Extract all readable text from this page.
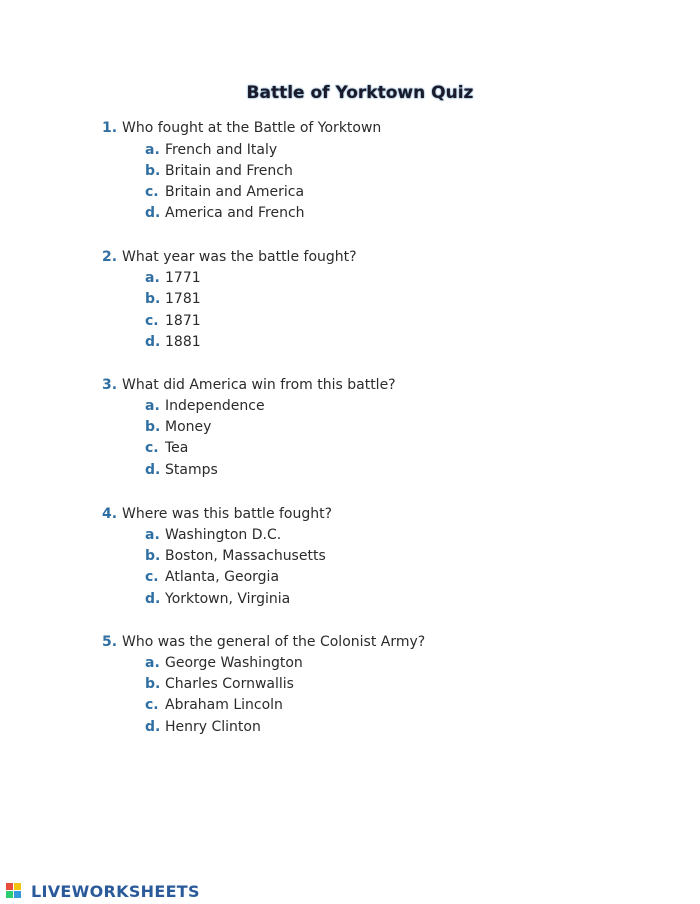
Battle of Yorktown Quiz
1. Who fought at the Battle of Yorktown
a. French and Italy
b. Britain and French
c. Britain and America
d. America and French
2. What year was the battle fought?
a. 1771
b. 1781
c. 1871
d. 1881
3. What did America win from this battle?
a. Independence
b. Money
c. Tea
d. Stamps
4. Where was this battle fought?
a. Washington D.C.
b. Boston, Massachusetts
c. Atlanta, Georgia
d. Yorktown, Virginia
5. Who was the general of the Colonist Army?
a. George Washington
b. Charles Cornwallis
c. Abraham Lincoln
d. Henry Clinton
LIVEWORKSHEETS
